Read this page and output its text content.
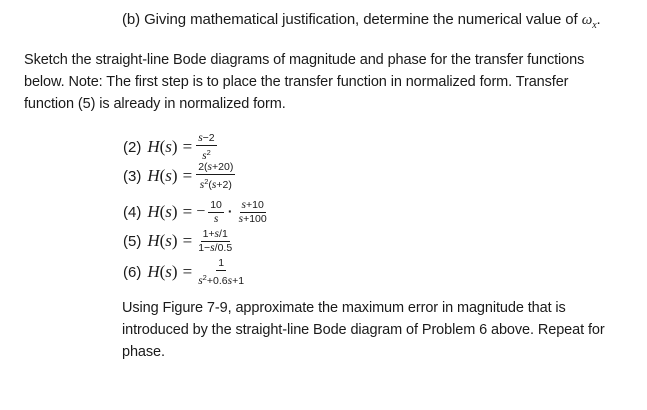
(b) Giving mathematical justification, determine the numerical value of $\omega_x$.
Sketch the straight-line Bode diagrams of magnitude and phase for the transfer functions
below. Note: The first step is to place the transfer function in normalized form. Transfer
function (5) is already in normalized form.
(2) $H(s) = \frac{s-2}{s^2}$
(3) $H(s) = \frac{2(s+20)}{s^2(s+2)}$
(4) H(s) = − $\frac{10}{s} \cdot \frac{s+10}{s+100}$
(5) $H(s) = \frac{1+s/1}{1-s/0.5}$
(6) $H(s) = \frac{1}{s^2+0.6s+1}$
Using Figure 7-9, approximate the maximum error in magnitude that is
introduced by the straight-line Bode diagram of Problem 6 above. Repeat for
phase.
